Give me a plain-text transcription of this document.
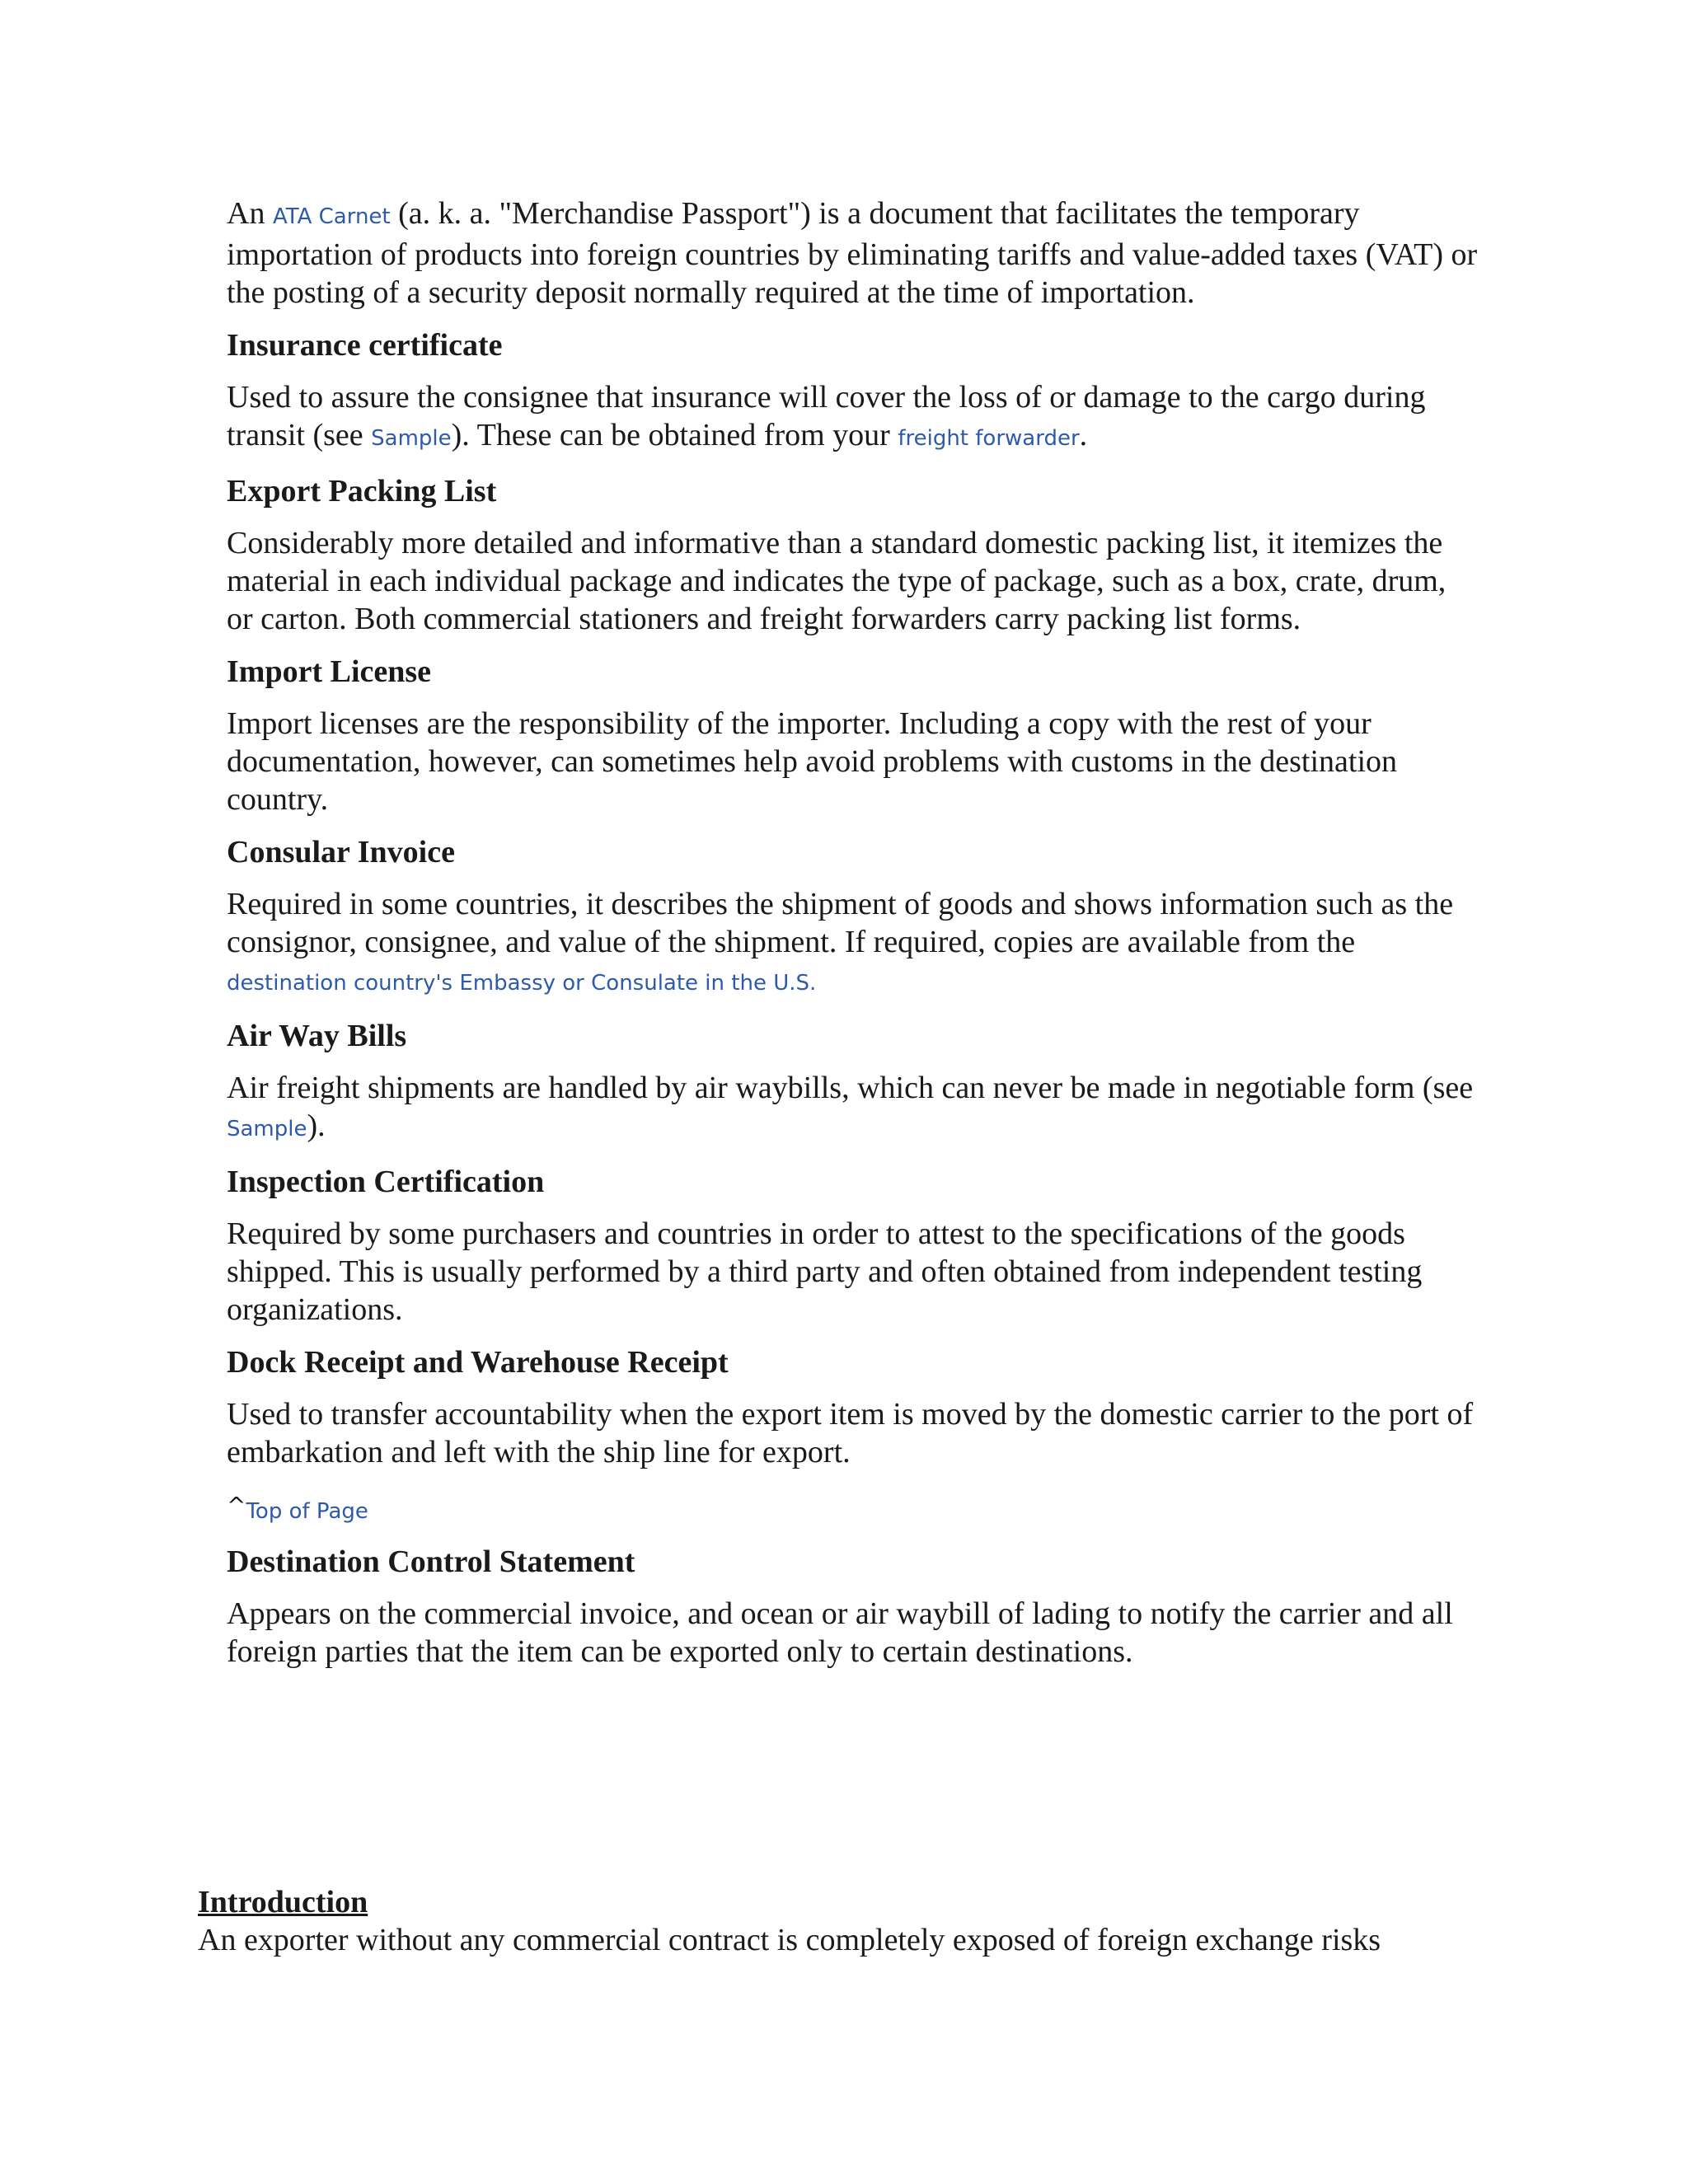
An ATA Carnet (a. k. a. "Merchandise Passport") is a document that facilitates the temporary importation of products into foreign countries by eliminating tariffs and value-added taxes (VAT) or the posting of a security deposit normally required at the time of importation.

Insurance certificate

Used to assure the consignee that insurance will cover the loss of or damage to the cargo during transit (see Sample). These can be obtained from your freight forwarder.

Export Packing List

Considerably more detailed and informative than a standard domestic packing list, it itemizes the material in each individual package and indicates the type of package, such as a box, crate, drum, or carton. Both commercial stationers and freight forwarders carry packing list forms.

Import License

Import licenses are the responsibility of the importer. Including a copy with the rest of your documentation, however, can sometimes help avoid problems with customs in the destination country.

Consular Invoice

Required in some countries, it describes the shipment of goods and shows information such as the consignor, consignee, and value of the shipment. If required, copies are available from the destination country's Embassy or Consulate in the U.S.

Air Way Bills

Air freight shipments are handled by air waybills, which can never be made in negotiable form (see Sample).

Inspection Certification

Required by some purchasers and countries in order to attest to the specifications of the goods shipped. This is usually performed by a third party and often obtained from independent testing organizations.

Dock Receipt and Warehouse Receipt

Used to transfer accountability when the export item is moved by the domestic carrier to the port of embarkation and left with the ship line for export.

^Top of Page
Destination Control Statement

Appears on the commercial invoice, and ocean or air waybill of lading to notify the carrier and all foreign parties that the item can be exported only to certain destinations.

Introduction

An exporter without any commercial contract is completely exposed of foreign exchange risks
